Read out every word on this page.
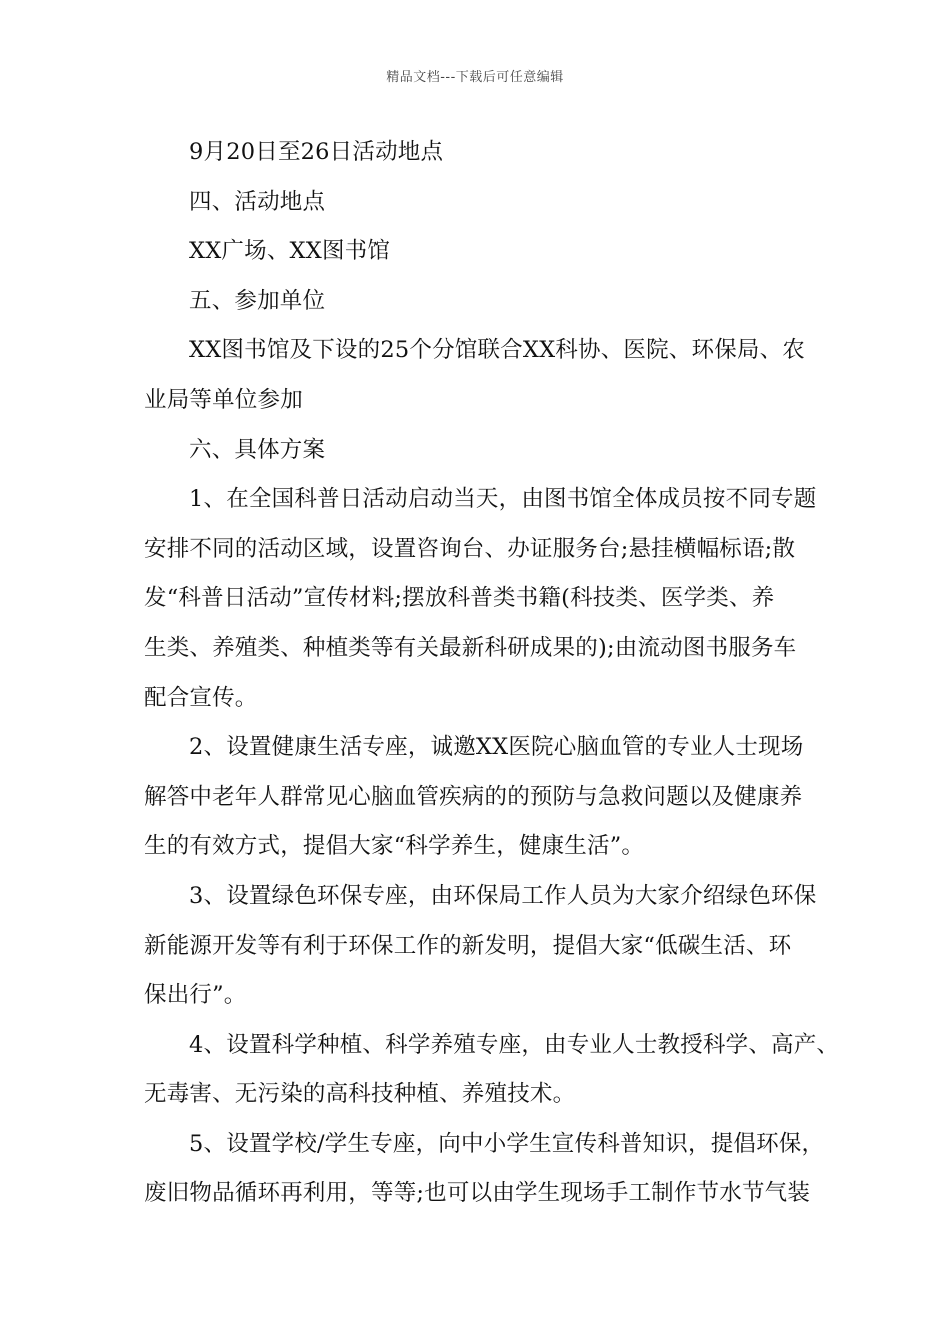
精品文档---下载后可任意编辑
9月20日至26日活动地点
四、活动地点
XX广场、XX图书馆
五、参加单位
XX图书馆及下设的25个分馆联合XX科协、医院、环保局、农
业局等单位参加
六、具体方案
1、在全国科普日活动启动当天，由图书馆全体成员按不同专题
安排不同的活动区域，设置咨询台、办证服务台;悬挂横幅标语;散
发“科普日活动”宣传材料;摆放科普类书籍(科技类、医学类、养
生类、养殖类、种植类等有关最新科研成果的);由流动图书服务车
配合宣传。
2、设置健康生活专座，诚邀XX医院心脑血管的专业人士现场
解答中老年人群常见心脑血管疾病的的预防与急救问题以及健康养
生的有效方式，提倡大家“科学养生，健康生活”。
3、设置绿色环保专座，由环保局工作人员为大家介绍绿色环保
新能源开发等有利于环保工作的新发明，提倡大家“低碳生活、环
保出行”。
4、设置科学种植、科学养殖专座，由专业人士教授科学、高产、
无毒害、无污染的高科技种植、养殖技术。
5、设置学校/学生专座，向中小学生宣传科普知识，提倡环保，
废旧物品循环再利用，等等;也可以由学生现场手工制作节水节气装
